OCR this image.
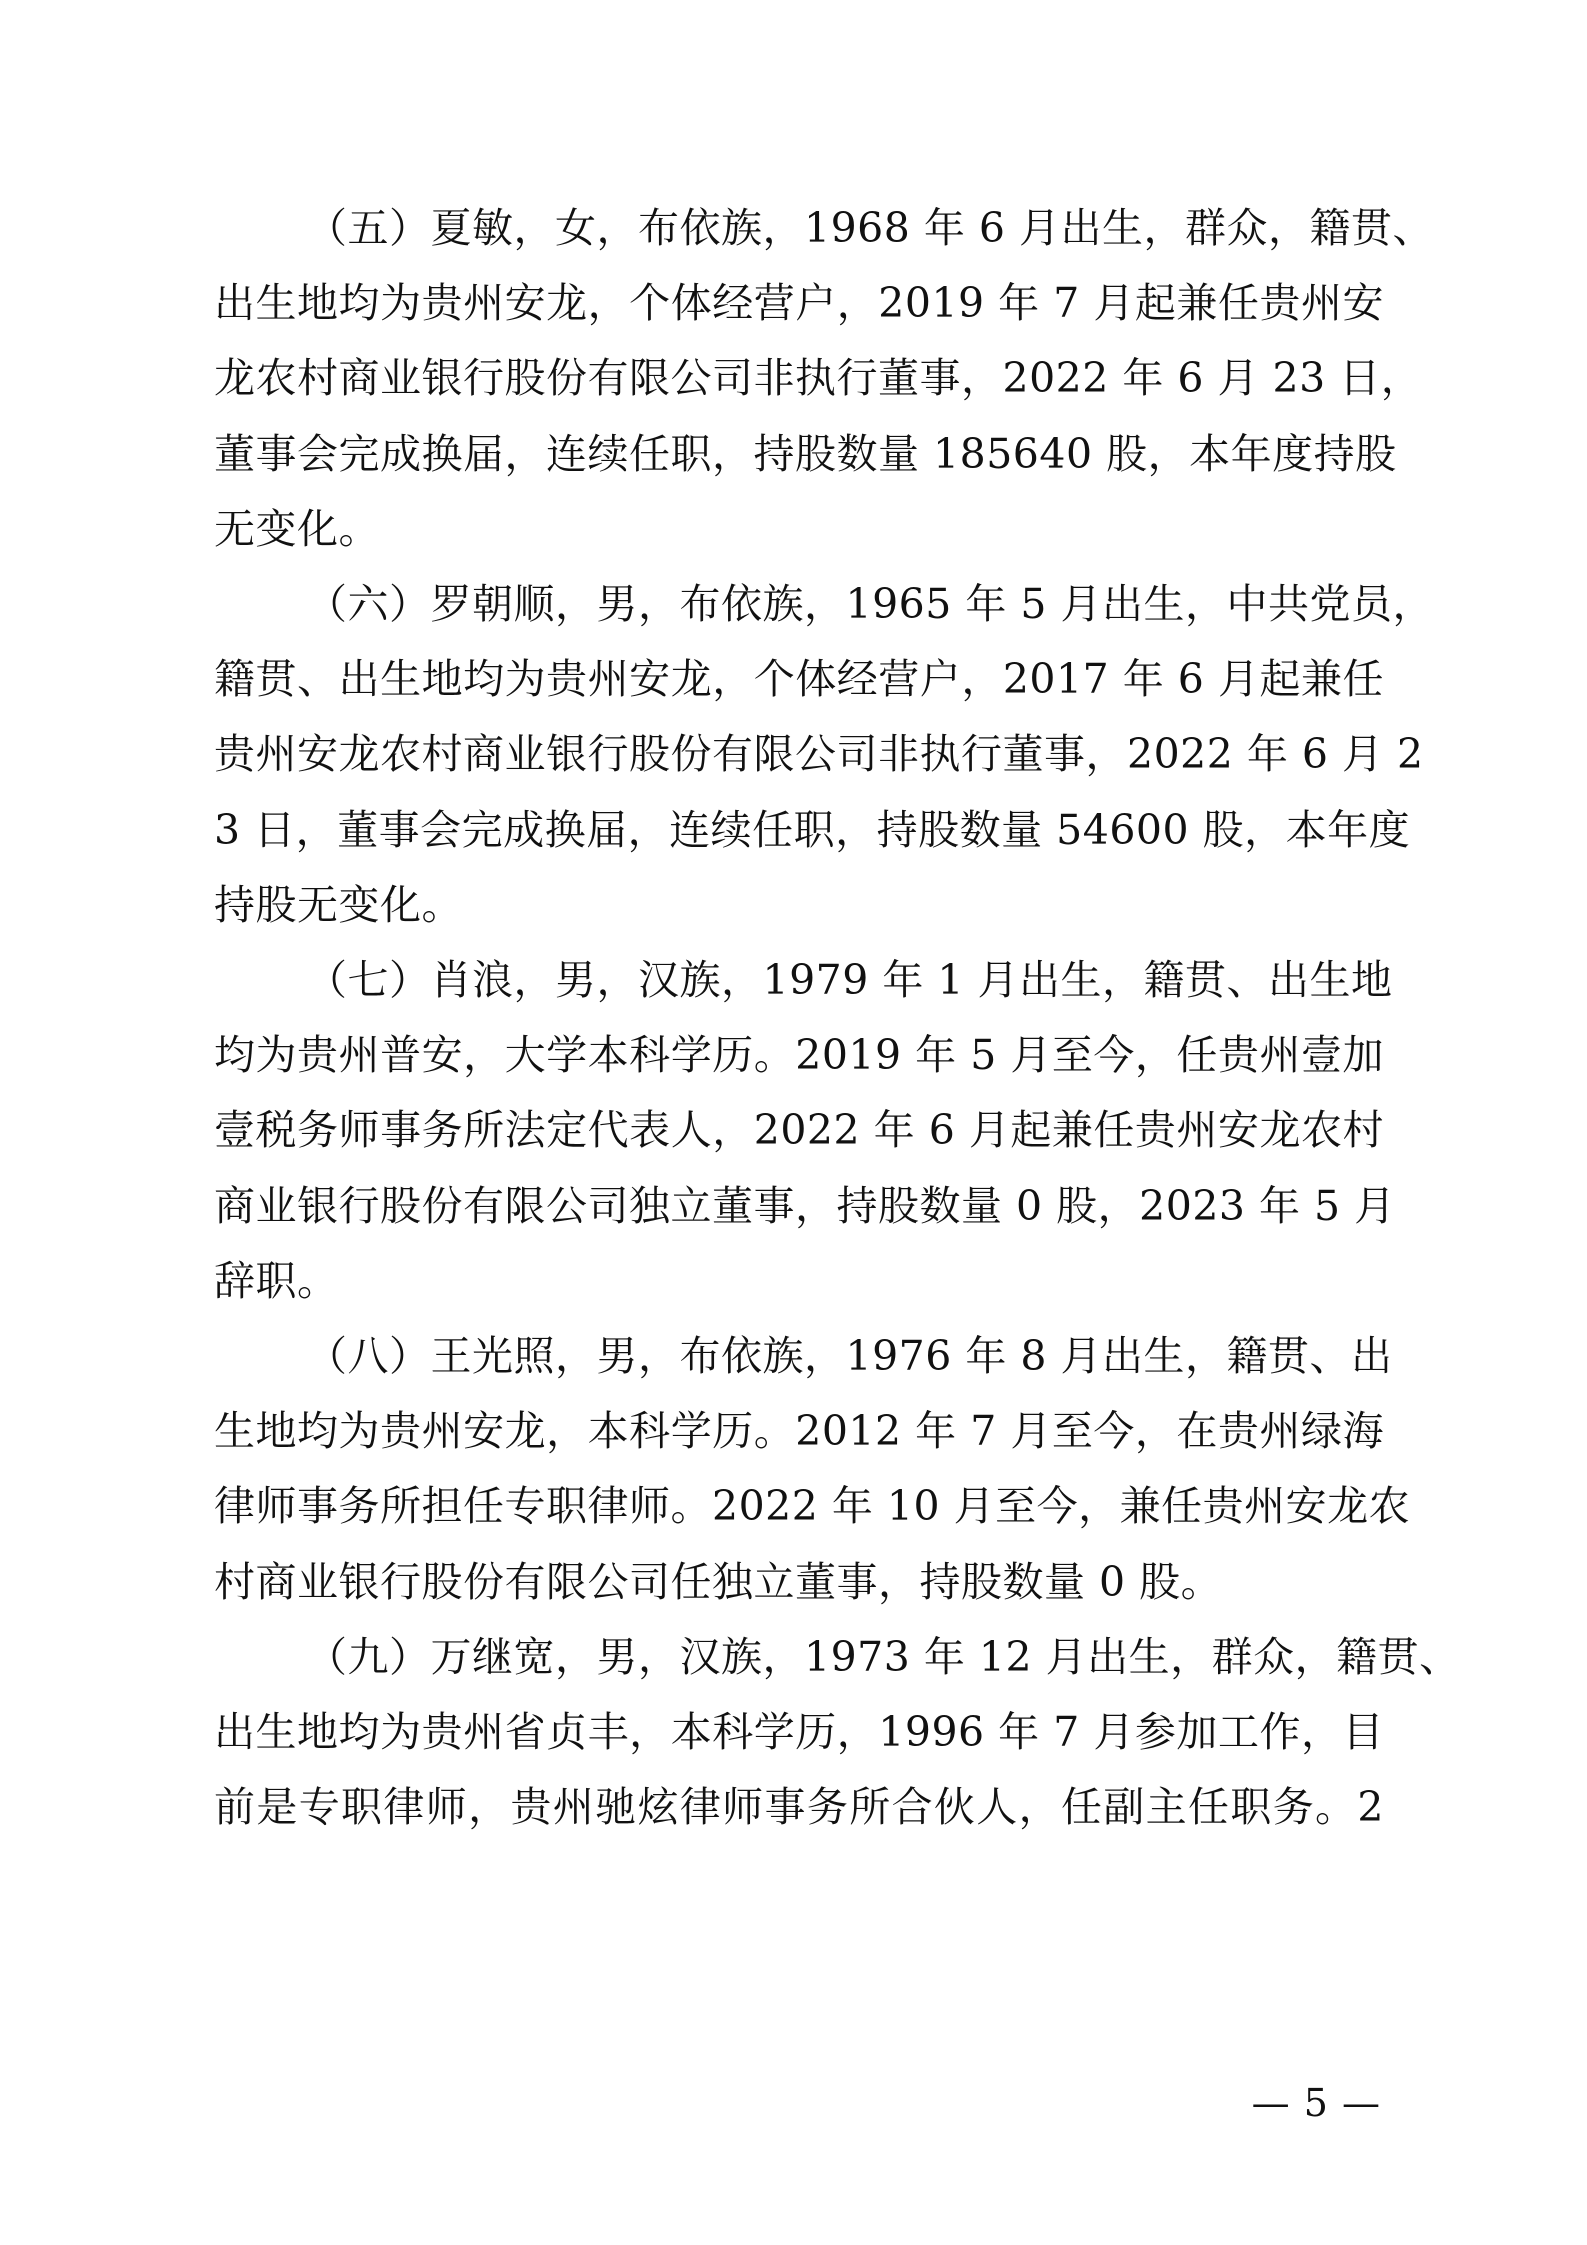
（五）夏敏，女，布依族，1968 年 6 月出生，群众，籍贯、
出生地均为贵州安龙，个体经营户，2019 年 7 月起兼任贵州安
龙农村商业银行股份有限公司非执行董事，2022 年 6 月 23 日，
董事会完成换届，连续任职，持股数量 185640 股，本年度持股
无变化。
（六）罗朝顺，男，布依族，1965 年 5 月出生，中共党员，
籍贯、出生地均为贵州安龙，个体经营户，2017 年 6 月起兼任
贵州安龙农村商业银行股份有限公司非执行董事，2022 年 6 月 2
3 日，董事会完成换届，连续任职，持股数量 54600 股，本年度
持股无变化。
（七）肖浪，男，汉族，1979 年 1 月出生，籍贯、出生地
均为贵州普安，大学本科学历。2019 年 5 月至今，任贵州壹加
壹税务师事务所法定代表人，2022 年 6 月起兼任贵州安龙农村
商业银行股份有限公司独立董事，持股数量 0 股，2023 年 5 月
辞职。
（八）王光照，男，布依族，1976 年 8 月出生，籍贯、出
生地均为贵州安龙，本科学历。2012 年 7 月至今，在贵州绿海
律师事务所担任专职律师。2022 年 10 月至今，兼任贵州安龙农
村商业银行股份有限公司任独立董事，持股数量 0 股。
（九）万继宽，男，汉族，1973 年 12 月出生，群众，籍贯、
出生地均为贵州省贞丰，本科学历，1996 年 7 月参加工作，目
前是专职律师，贵州驰炫律师事务所合伙人，任副主任职务。2
— 5 —
